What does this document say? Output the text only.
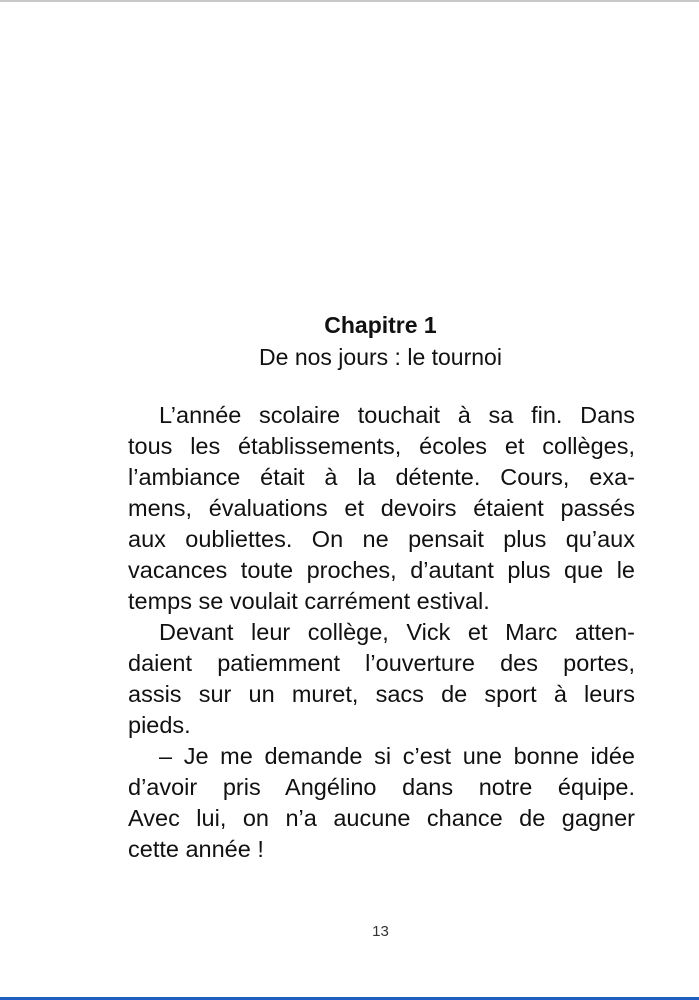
Chapitre 1
De nos jours : le tournoi
L’année scolaire touchait à sa fin. Dans
tous les établissements, écoles et collèges,
l’ambiance était à la détente. Cours, exa-
mens, évaluations et devoirs étaient passés
aux oubliettes. On ne pensait plus qu’aux
vacances toute proches, d’autant plus que le
temps se voulait carrément estival.
Devant leur collège, Vick et Marc atten-
daient patiemment l’ouverture des portes,
assis sur un muret, sacs de sport à leurs
pieds.
– Je me demande si c’est une bonne idée
d’avoir pris Angélino dans notre équipe.
Avec lui, on n’a aucune chance de gagner
cette année !
13
